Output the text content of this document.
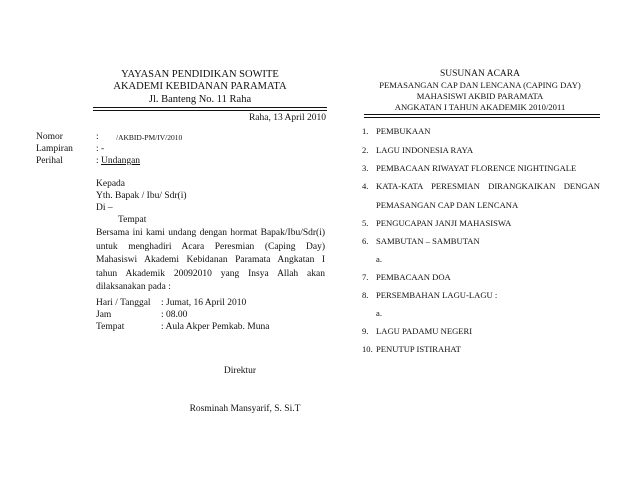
YAYASAN PENDIDIKAN SOWITE
AKADEMI KEBIDANAN PARAMATA
Jl. Banteng No. 11 Raha
Raha, 13 April 2010
Nomor	: /AKBID-PM/IV/2010
Lampiran : -
Perihal	: Undangan
Kepada
Yth. Bapak / Ibu/ Sdr(i)
Di –
Tempat
Bersama ini kami undang dengan hormat Bapak/Ibu/Sdr(i)
untuk menghadiri Acara Peresmian (Caping Day)
Mahasiswi Akademi Kebidanan Paramata Angkatan I
tahun Akademik 20092010 yang Insya Allah akan
dilaksanakan pada :
Hari / Tanggal : Jumat, 16 April 2010
Jam	: 08.00
Tempat	: Aula Akper Pemkab. Muna
Direktur
Rosminah Mansyarif, S. Si.T
SUSUNAN ACARA
PEMASANGAN CAP DAN LENCANA (CAPING DAY)
MAHASISWI AKBID PARAMATA
ANGKATAN I TAHUN AKADEMIK 2010/2011
1. PEMBUKAAN
2. LAGU INDONESIA RAYA
3. PEMBACAAN RIWAYAT FLORENCE NIGHTINGALE
4. KATA-KATA PERESMIAN DIRANGKAIKAN DENGAN
PEMASANGAN CAP DAN LENCANA
5. PENGUCAPAN JANJI MAHASISWA
6. SAMBUTAN – SAMBUTAN
a.
7. PEMBACAAN DOA
8. PERSEMBAHAN LAGU-LAGU :
a.
9. LAGU PADAMU NEGERI
10. PENUTUP ISTIRAHAT
